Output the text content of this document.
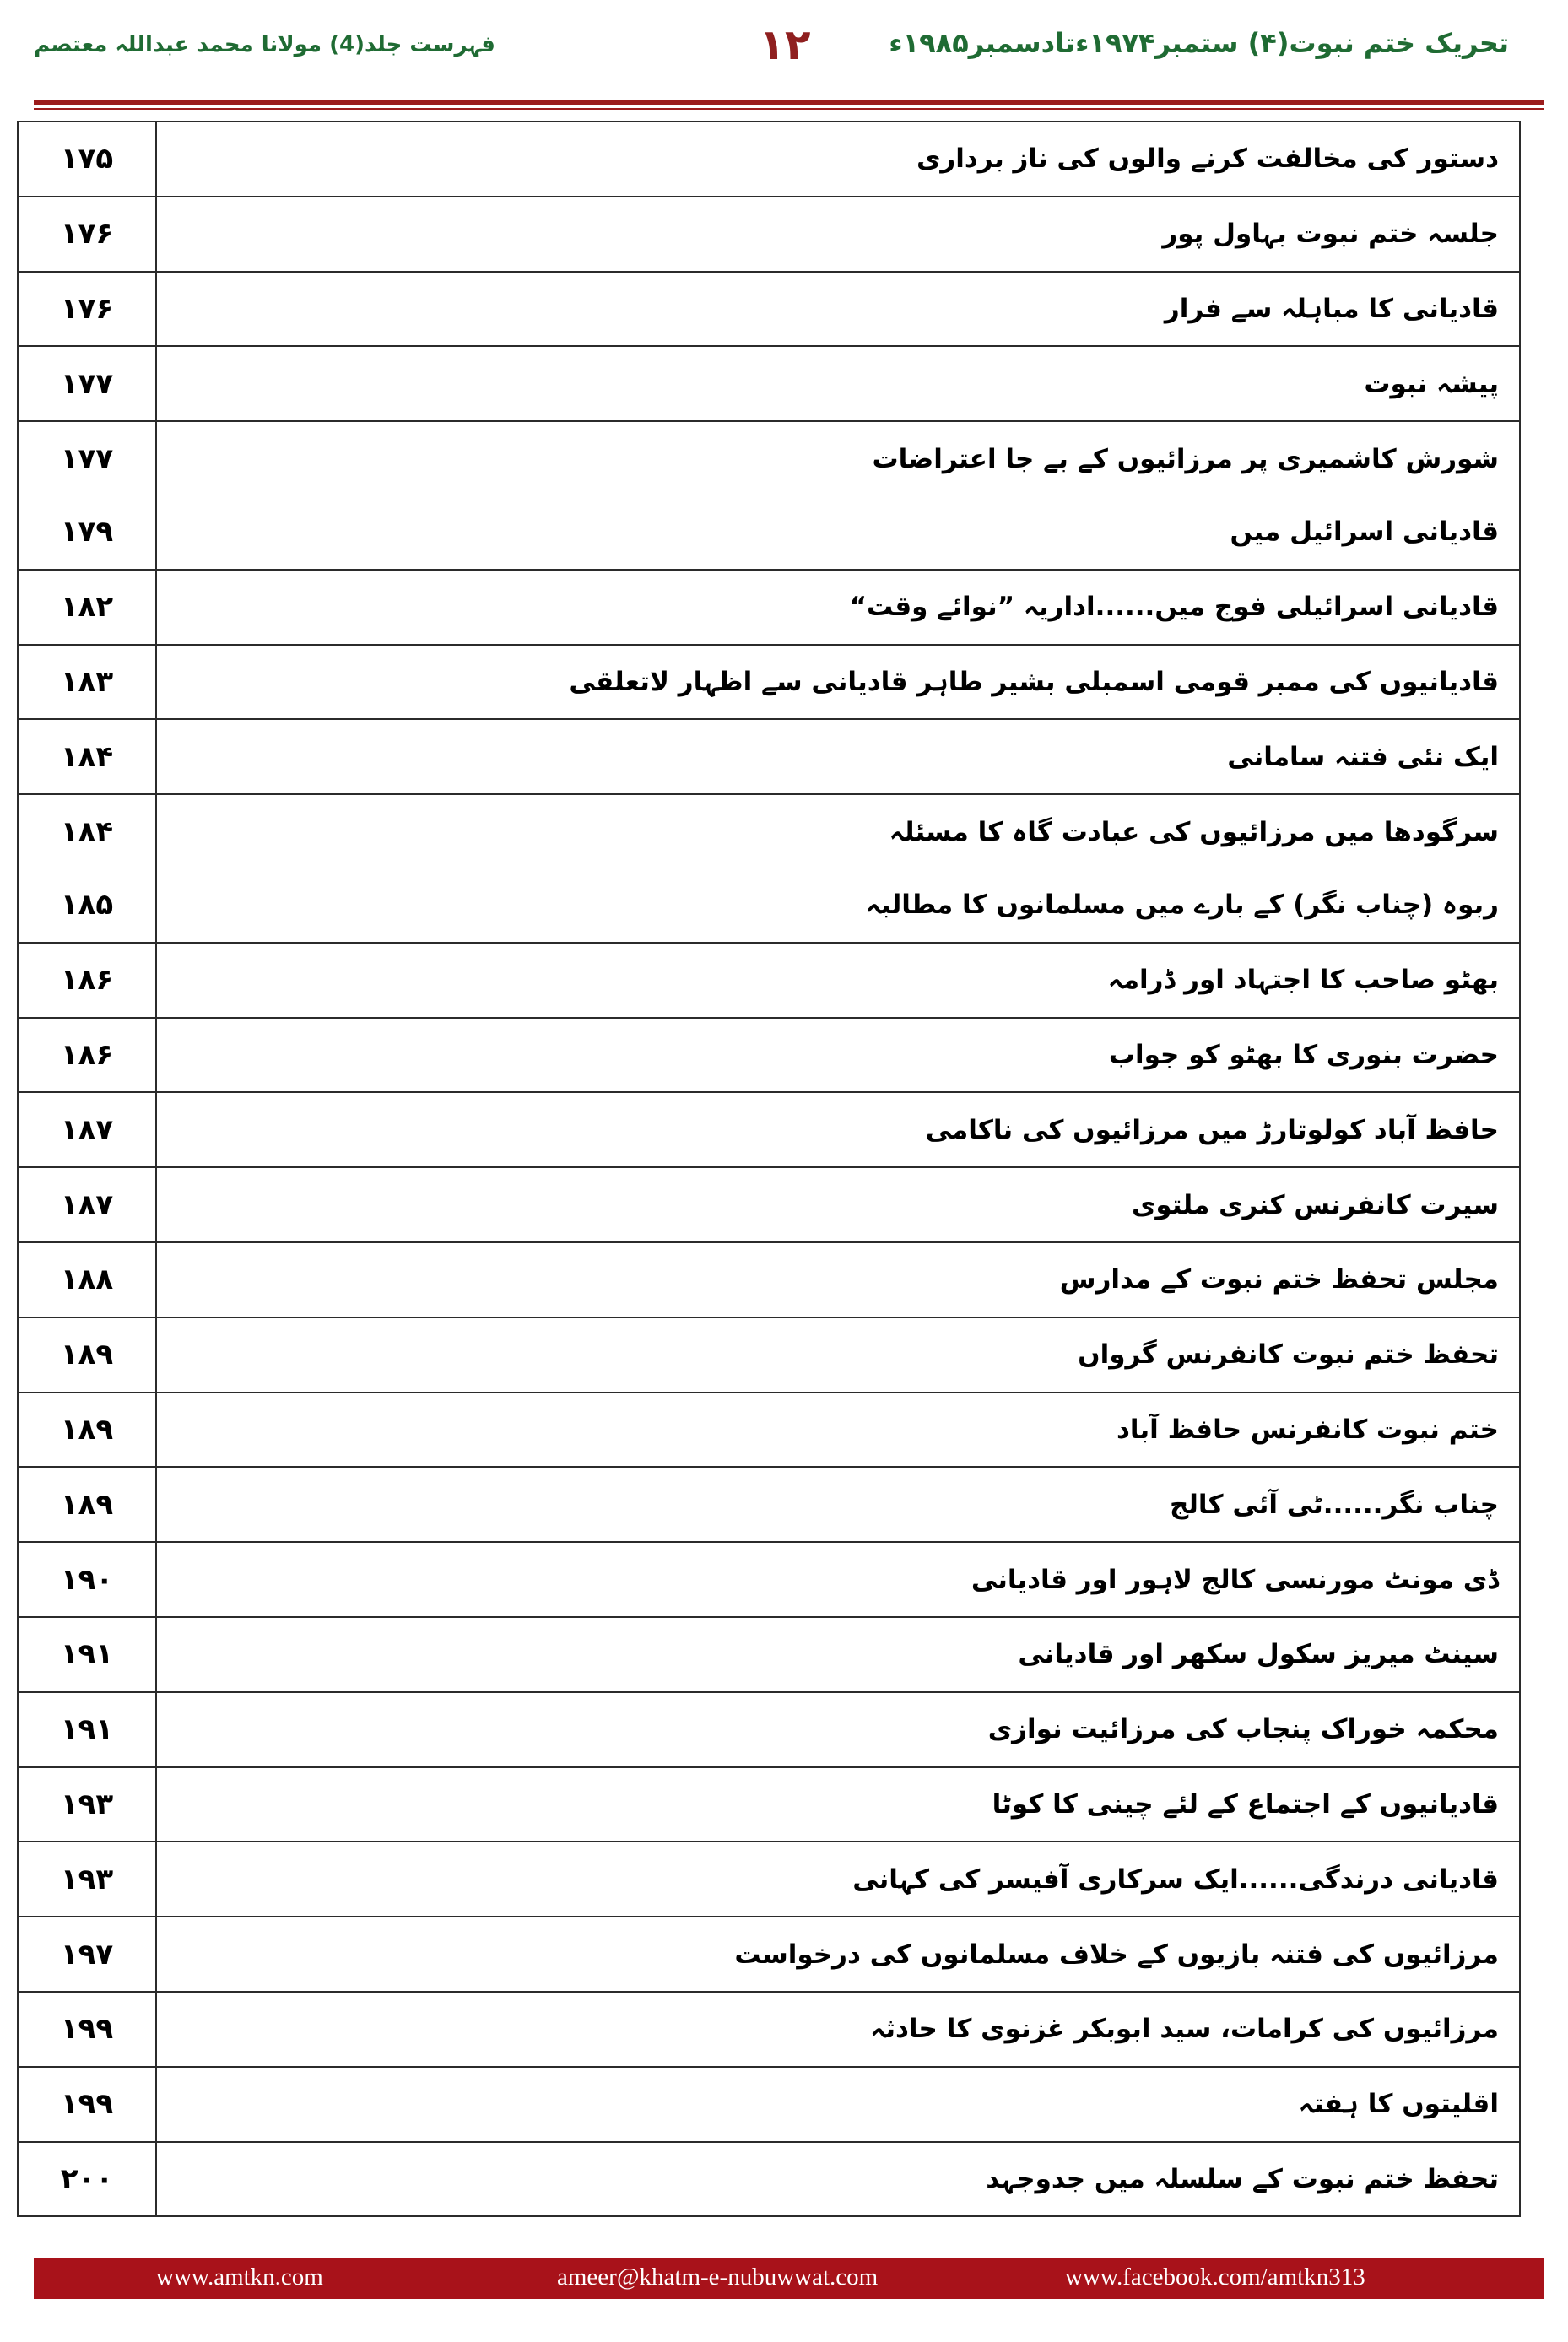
تحریک ختم نبوت(۴) ستمبر۱۹۷۴ءتادسمبر۱۹۸۵ء
۱۲
فہرست جلد(4) مولانا محمد عبداللہ معتصم
۱۷۵	دستور کی مخالفت کرنے والوں کی ناز برداری
۱۷۶	جلسہ ختم نبوت بہاول پور
۱۷۶	قادیانی کا مباہلہ سے فرار
۱۷۷	پیشہ نبوت
۱۷۷	شورش کاشمیری پر مرزائیوں کے بے جا اعتراضات
۱۷۹	قادیانی اسرائیل میں
۱۸۲	قادیانی اسرائیلی فوج میں......اداریہ ”نوائے وقت“
۱۸۳	قادیانیوں کی ممبر قومی اسمبلی بشیر طاہر قادیانی سے اظہار لاتعلقی
۱۸۴	ایک نئی فتنہ سامانی
۱۸۴	سرگودھا میں مرزائیوں کی عبادت گاہ کا مسئلہ
۱۸۵	ربوہ (چناب نگر) کے بارے میں مسلمانوں کا مطالبہ
۱۸۶	بھٹو صاحب کا اجتہاد اور ڈرامہ
۱۸۶	حضرت بنوری کا بھٹو کو جواب
۱۸۷	حافظ آباد کولوتارڑ میں مرزائیوں کی ناکامی
۱۸۷	سیرت کانفرنس کنری ملتوی
۱۸۸	مجلس تحفظ ختم نبوت کے مدارس
۱۸۹	تحفظ ختم نبوت کانفرنس گرواں
۱۸۹	ختم نبوت کانفرنس حافظ آباد
۱۸۹	چناب نگر......ٹی آئی کالج
۱۹۰	ڈی مونٹ مورنسی کالج لاہور اور قادیانی
۱۹۱	سینٹ میریز سکول سکھر اور قادیانی
۱۹۱	محکمہ خوراک پنجاب کی مرزائیت نوازی
۱۹۳	قادیانیوں کے اجتماع کے لئے چینی کا کوٹا
۱۹۳	قادیانی درندگی......ایک سرکاری آفیسر کی کہانی
۱۹۷	مرزائیوں کی فتنہ بازیوں کے خلاف مسلمانوں کی درخواست
۱۹۹	مرزائیوں کی کرامات، سید ابوبکر غزنوی کا حادثہ
۱۹۹	اقلیتوں کا ہفتہ
۲۰۰	تحفظ ختم نبوت کے سلسلہ میں جدوجہد
www.amtkn.com	ameer@khatm-e-nubuwwat.com	www.facebook.com/amtkn313
